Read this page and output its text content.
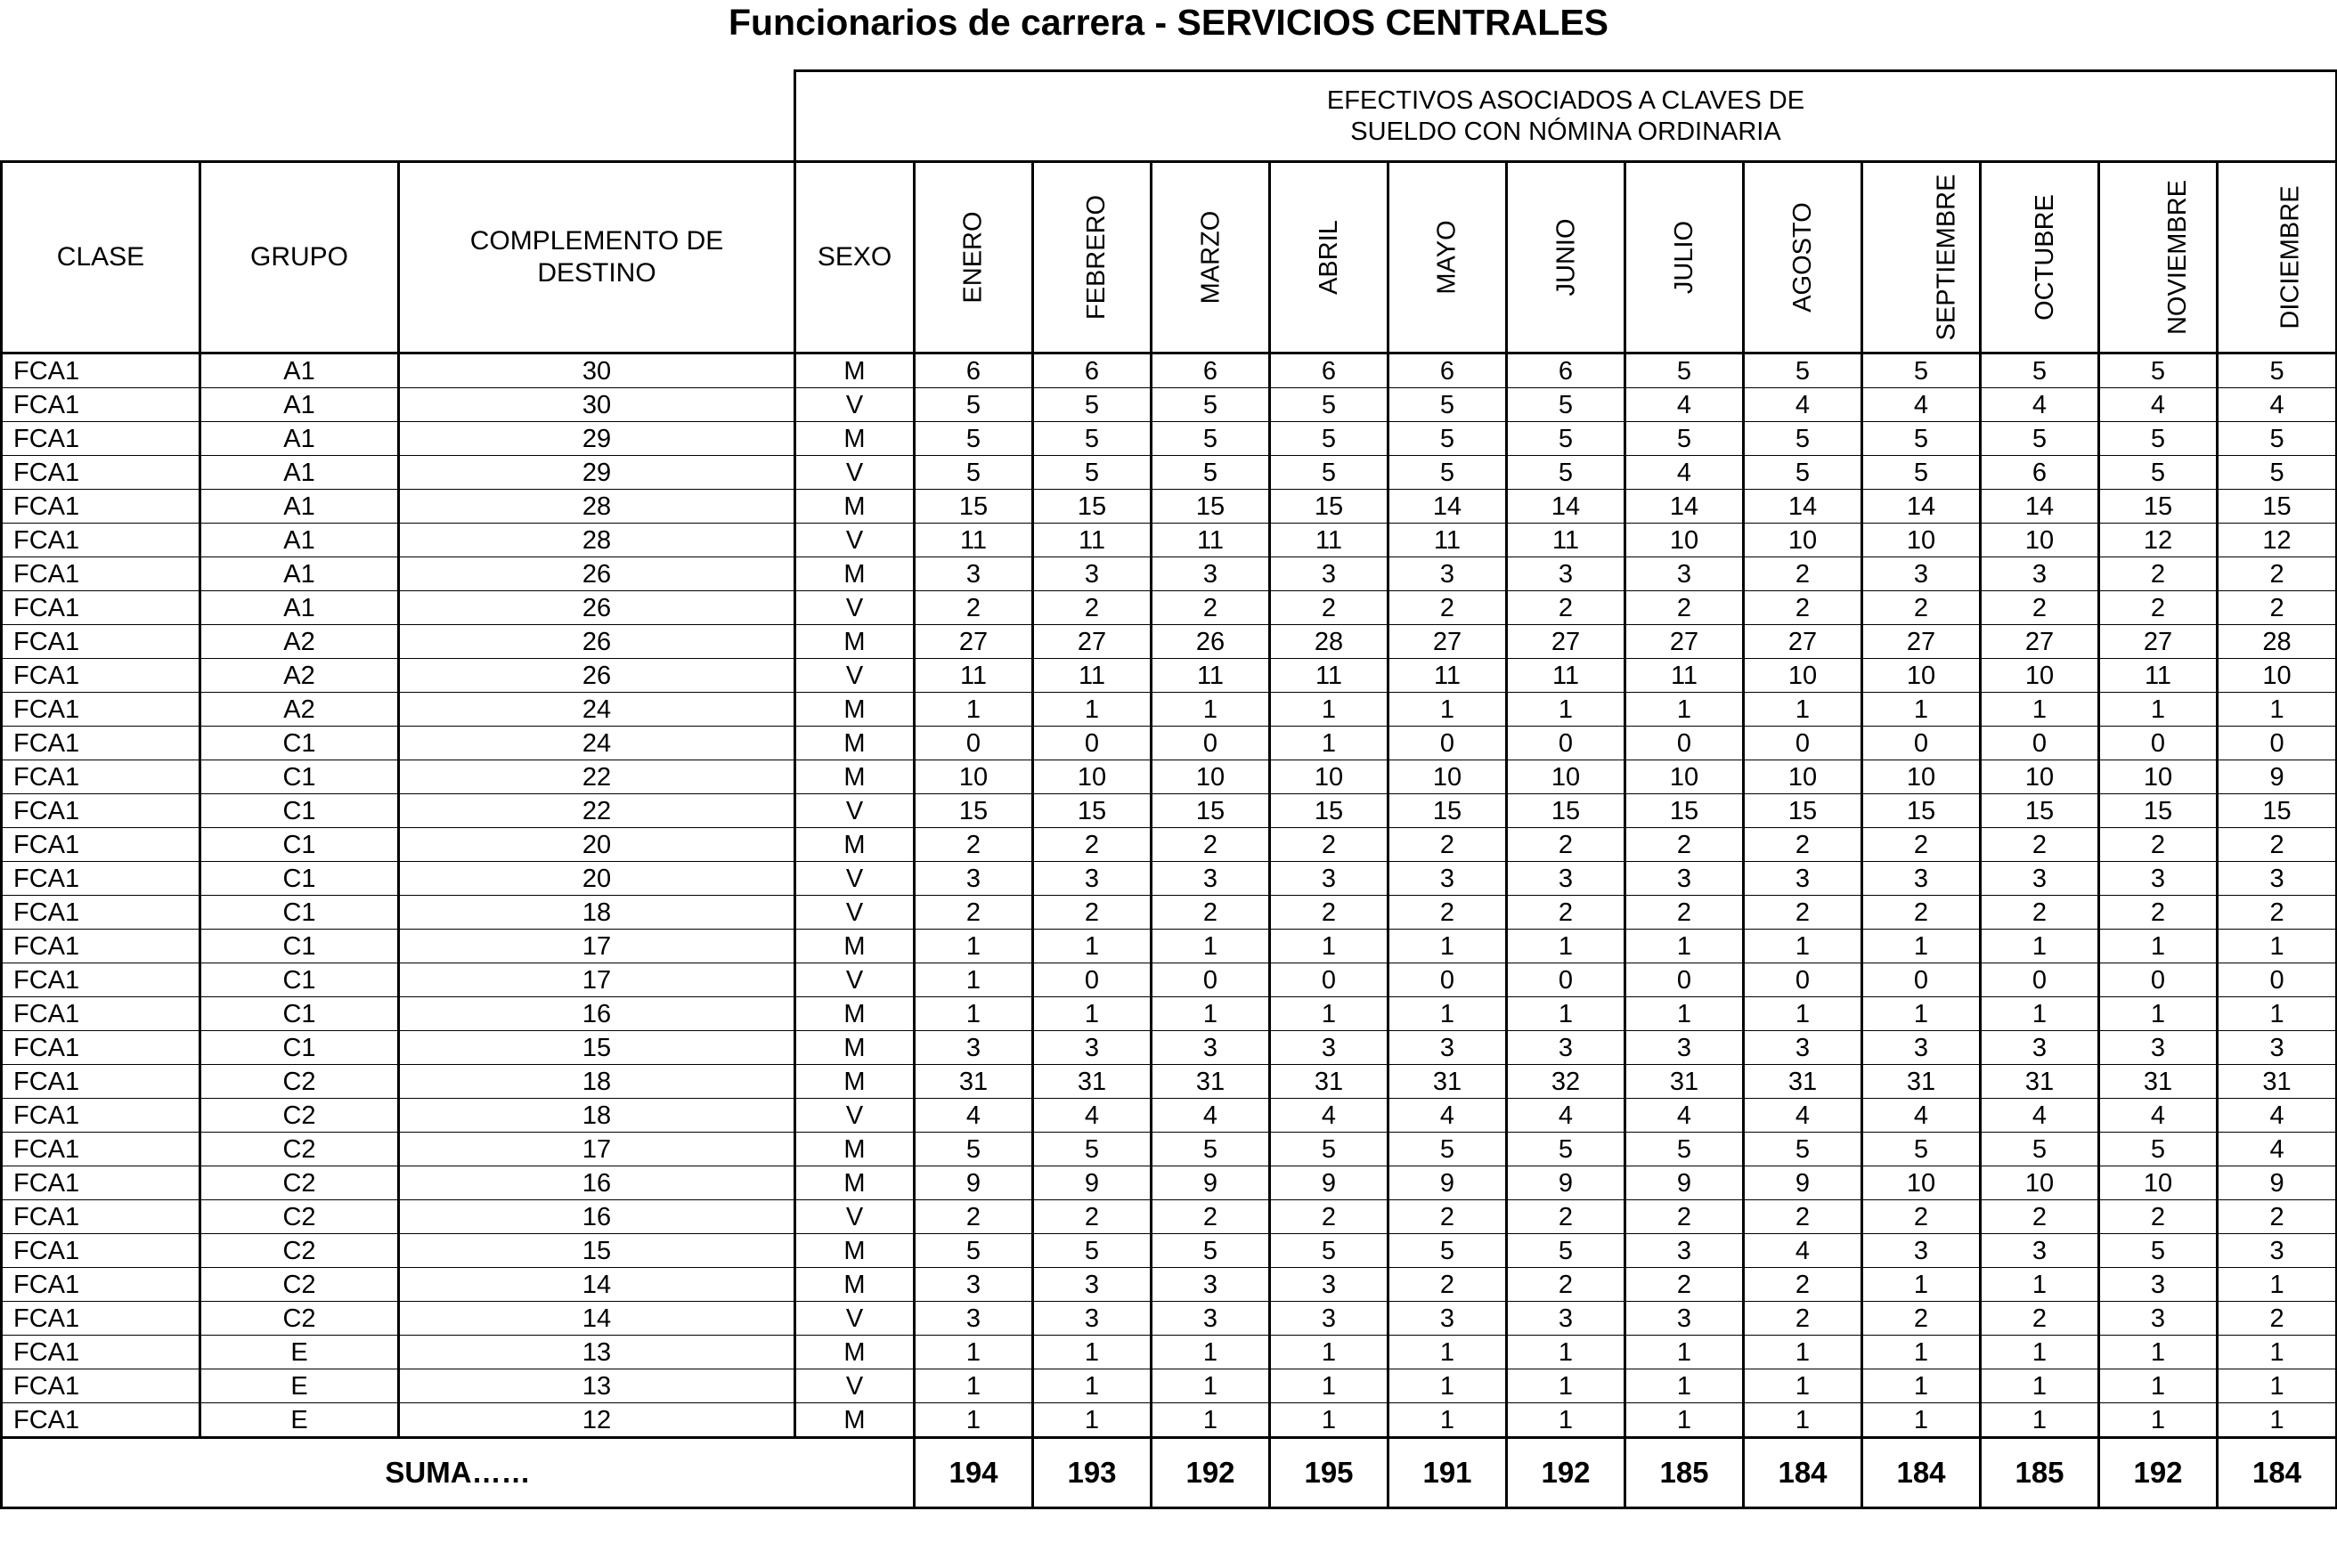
Funcionarios de carrera - SERVICIOS CENTRALES

			EFECTIVOS ASOCIADOS A CLAVES DE SUELDO CON NÓMINA ORDINARIA												

CLASE	GRUPO	COMPLEMENTO DE DESTINO	SEXO	ENERO	FEBRERO	MARZO	ABRIL	MAYO	JUNIO	JULIO	AGOSTO	SEPTIEMBRE	OCTUBRE	NOVIEMBRE	DICIEMBRE
FCA1	A1	30	M	6	6	6	6	6	6	5	5	5	5	5	5
FCA1	A1	30	V	5	5	5	5	5	5	4	4	4	4	4	4
FCA1	A1	29	M	5	5	5	5	5	5	5	5	5	5	5	5
FCA1	A1	29	V	5	5	5	5	5	5	4	5	5	6	5	5
FCA1	A1	28	M	15	15	15	15	14	14	14	14	14	14	15	15
FCA1	A1	28	V	11	11	11	11	11	11	10	10	10	10	12	12
FCA1	A1	26	M	3	3	3	3	3	3	3	2	3	3	2	2
FCA1	A1	26	V	2	2	2	2	2	2	2	2	2	2	2	2
FCA1	A2	26	M	27	27	26	28	27	27	27	27	27	27	27	28
FCA1	A2	26	V	11	11	11	11	11	11	11	10	10	10	11	10
FCA1	A2	24	M	1	1	1	1	1	1	1	1	1	1	1	1
FCA1	C1	24	M	0	0	0	1	0	0	0	0	0	0	0	0
FCA1	C1	22	M	10	10	10	10	10	10	10	10	10	10	10	9
FCA1	C1	22	V	15	15	15	15	15	15	15	15	15	15	15	15
FCA1	C1	20	M	2	2	2	2	2	2	2	2	2	2	2	2
FCA1	C1	20	V	3	3	3	3	3	3	3	3	3	3	3	3
FCA1	C1	18	V	2	2	2	2	2	2	2	2	2	2	2	2
FCA1	C1	17	M	1	1	1	1	1	1	1	1	1	1	1	1
FCA1	C1	17	V	1	0	0	0	0	0	0	0	0	0	0	0
FCA1	C1	16	M	1	1	1	1	1	1	1	1	1	1	1	1
FCA1	C1	15	M	3	3	3	3	3	3	3	3	3	3	3	3
FCA1	C2	18	M	31	31	31	31	31	32	31	31	31	31	31	31
FCA1	C2	18	V	4	4	4	4	4	4	4	4	4	4	4	4
FCA1	C2	17	M	5	5	5	5	5	5	5	5	5	5	5	4
FCA1	C2	16	M	9	9	9	9	9	9	9	9	10	10	10	9
FCA1	C2	16	V	2	2	2	2	2	2	2	2	2	2	2	2
FCA1	C2	15	M	5	5	5	5	5	5	3	4	3	3	5	3
FCA1	C2	14	M	3	3	3	3	2	2	2	2	1	1	3	1
FCA1	C2	14	V	3	3	3	3	3	3	3	2	2	2	3	2
FCA1	E	13	M	1	1	1	1	1	1	1	1	1	1	1	1
FCA1	E	13	V	1	1	1	1	1	1	1	1	1	1	1	1
FCA1	E	12	M	1	1	1	1	1	1	1	1	1	1	1	1
SUMA……				194	193	192	195	191	192	185	184	184	185	192	184
